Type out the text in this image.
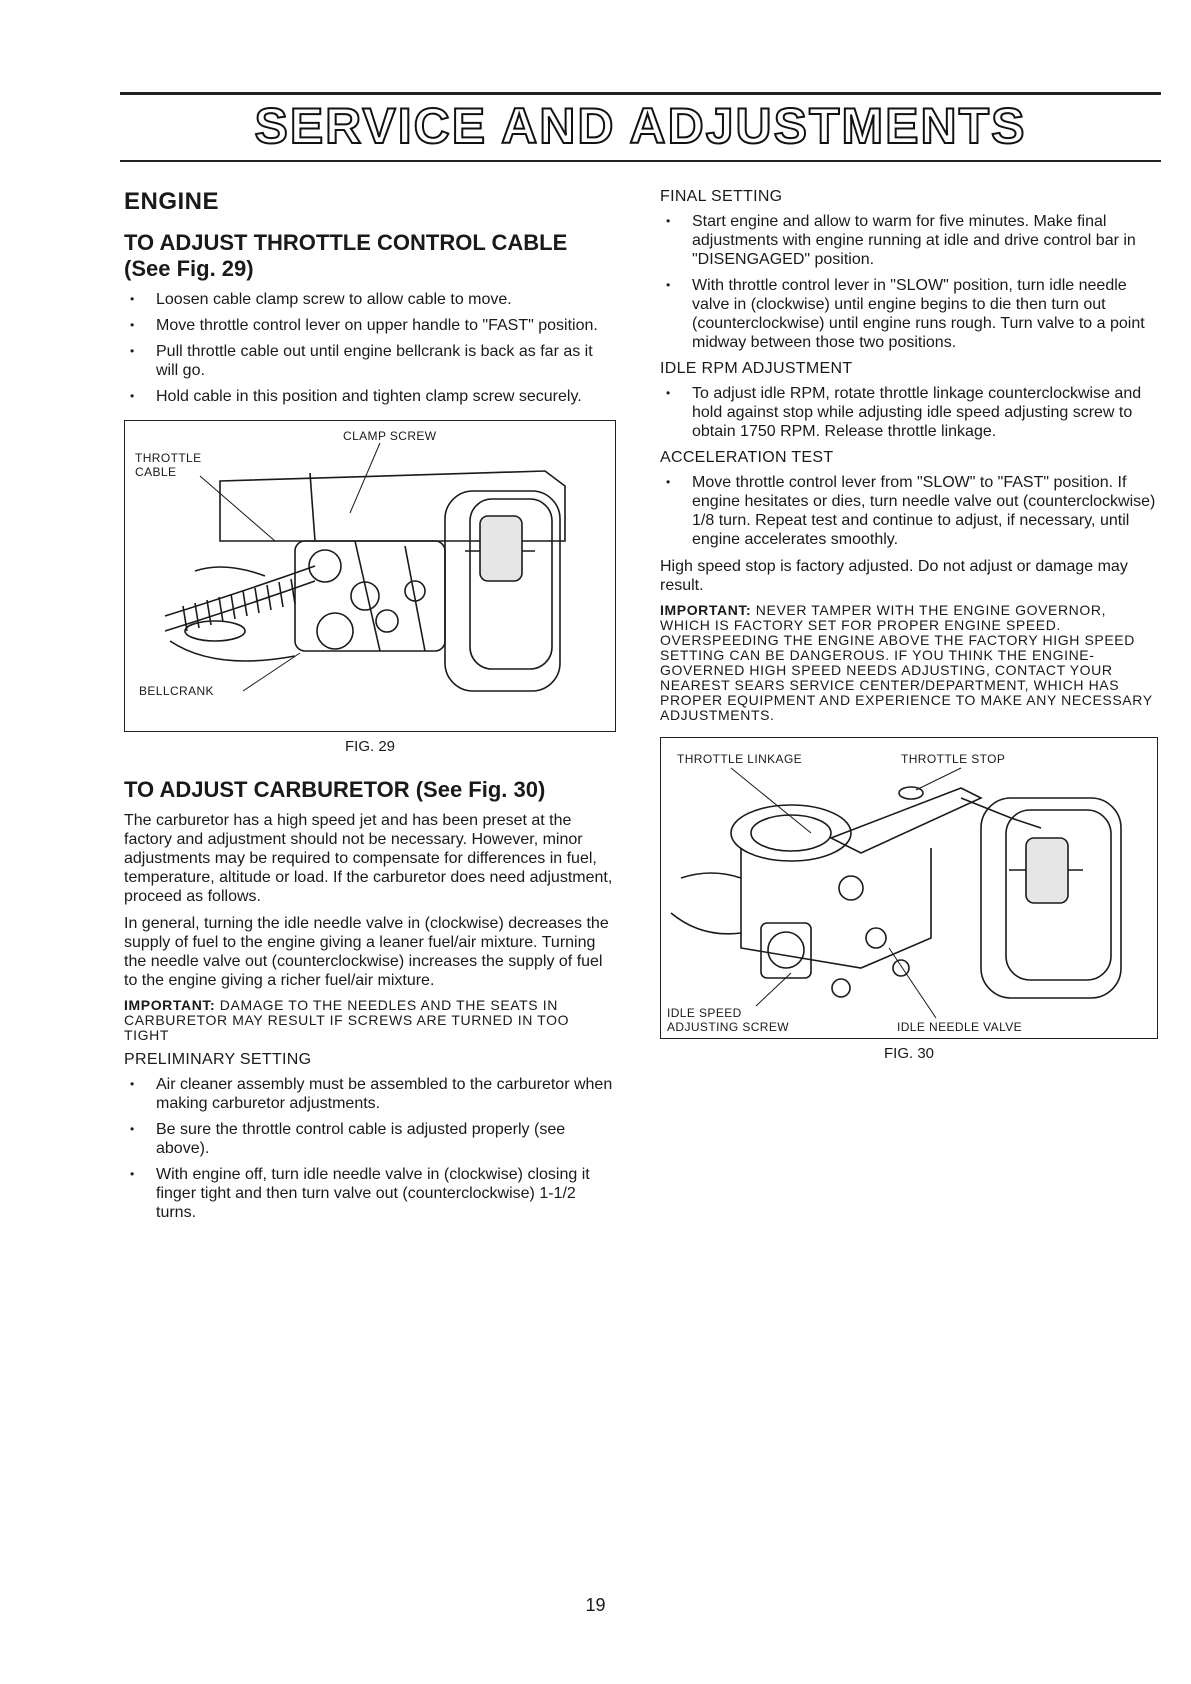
SERVICE AND ADJUSTMENTS
ENGINE
TO ADJUST THROTTLE CONTROL CABLE
(See Fig. 29)
• Loosen cable clamp screw to allow cable to move.
• Move throttle control lever on upper handle to "FAST" position.
• Pull throttle cable out until engine bellcrank is back as far as it will go.
• Hold cable in this position and tighten clamp screw securely.
CLAMP SCREW
THROTTLE
CABLE
BELLCRANK
FIG. 29
TO ADJUST CARBURETOR (See Fig. 30)

The carburetor has a high speed jet and has been preset at the factory and adjustment should not be necessary. However, minor adjustments may be required to compensate for differences in fuel, temperature, altitude or load. If the carburetor does need adjustment, proceed as follows.

In general, turning the idle needle valve in (clockwise) decreases the supply of fuel to the engine giving a leaner fuel/air mixture. Turning the needle valve out (counterclockwise) increases the supply of fuel to the engine giving a richer fuel/air mixture.

IMPORTANT: DAMAGE TO THE NEEDLES AND THE SEATS IN CARBURETOR MAY RESULT IF SCREWS ARE TURNED IN TOO TIGHT

PRELIMINARY SETTING
• Air cleaner assembly must be assembled to the carburetor when making carburetor adjustments.
• Be sure the throttle control cable is adjusted properly (see above).
• With engine off, turn idle needle valve in (clockwise) closing it finger tight and then turn valve out (counterclockwise) 1-1/2 turns.
FINAL SETTING
• Start engine and allow to warm for five minutes. Make final adjustments with engine running at idle and drive control bar in "DISENGAGED" position.
• With throttle control lever in "SLOW" position, turn idle needle valve in (clockwise) until engine begins to die then turn out (counterclockwise) until engine runs rough. Turn valve to a point midway between those two positions.
IDLE RPM ADJUSTMENT
• To adjust idle RPM, rotate throttle linkage counterclockwise and hold against stop while adjusting idle speed adjusting screw to obtain 1750 RPM. Release throttle linkage.
ACCELERATION TEST
• Move throttle control lever from "SLOW" to "FAST" position. If engine hesitates or dies, turn needle valve out (counterclockwise) 1/8 turn. Repeat test and continue to adjust, if necessary, until engine accelerates smoothly.

High speed stop is factory adjusted. Do not adjust or damage may result.

IMPORTANT: NEVER TAMPER WITH THE ENGINE GOVERNOR, WHICH IS FACTORY SET FOR PROPER ENGINE SPEED. OVERSPEEDING THE ENGINE ABOVE THE FACTORY HIGH SPEED SETTING CAN BE DANGEROUS. IF YOU THINK THE ENGINE-GOVERNED HIGH SPEED NEEDS ADJUSTING, CONTACT YOUR NEAREST SEARS SERVICE CENTER/DEPARTMENT, WHICH HAS PROPER EQUIPMENT AND EXPERIENCE TO MAKE ANY NECESSARY ADJUSTMENTS.

THROTTLE LINKAGE	THROTTLE STOP
IDLE SPEED
ADJUSTING SCREW	IDLE NEEDLE VALVE
FIG. 30
19
